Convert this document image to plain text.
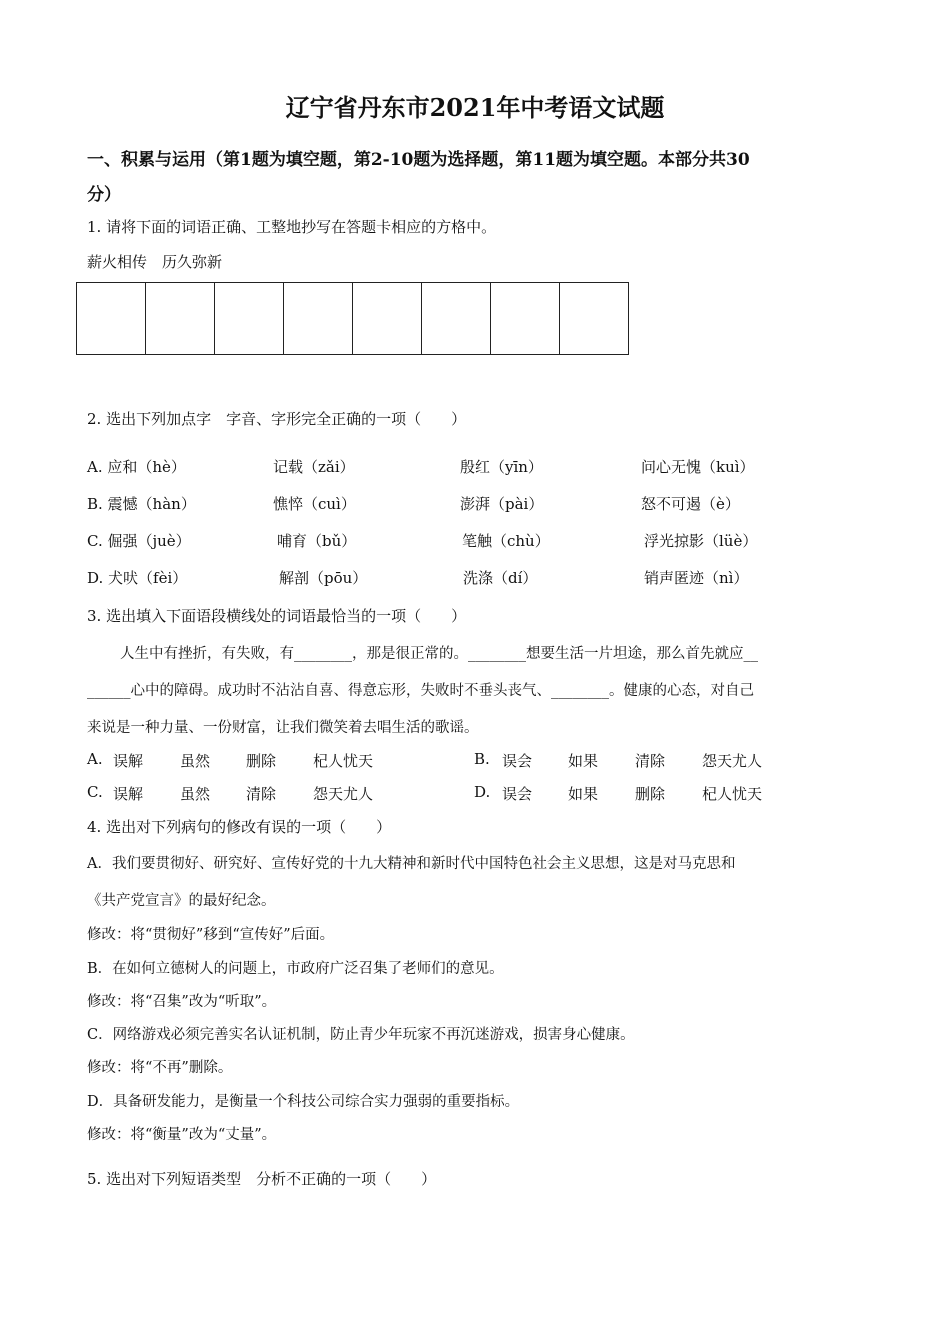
辽宁省丹东市2021年中考语文试题
一、积累与运用（第1题为填空题，第2-10题为选择题，第11题为填空题。本部分共30
分）
1. 请将下面的词语正确、工整地抄写在答题卡相应的方格中。
薪火相传　历久弥新
2. 选出下列加点字　字音、字形完全正确的一项（　　）
A. 应和（hè）	记载（zǎi）	殷红（yīn）	问心无愧（kuì）
B. 震憾（hàn）	憔悴（cuì）	澎湃（pài）	怒不可遏（è）
C. 倔强（juè）	哺育（bǔ）	笔触（chù）	浮光掠影（lüè）
D. 犬吠（fèi）	解剖（pōu）	洗涤（dí）	销声匿迹（nì）
3. 选出填入下面语段横线处的词语最恰当的一项（　　）
人生中有挫折，有失败，有________，那是很正常的。________想要生活一片坦途，那么首先就应__
______心中的障碍。成功时不沾沾自喜、得意忘形，失败时不垂头丧气、________。健康的心态，对自己
来说是一种力量、一份财富，让我们微笑着去唱生活的歌谣。
A. 误解 虽然 删除 杞人忧天	B. 误会 如果 清除 怨天尤人
C. 误解 虽然 清除 怨天尤人	D. 误会 如果 删除 杞人忧天
4. 选出对下列病句的修改有误的一项（　　）
A．我们要贯彻好、研究好、宣传好党的十九大精神和新时代中国特色社会主义思想，这是对马克思和
《共产党宣言》的最好纪念。
修改：将“贯彻好”移到“宣传好”后面。
B．在如何立德树人的问题上，市政府广泛召集了老师们的意见。
修改：将“召集”改为“听取”。
C．网络游戏必须完善实名认证机制，防止青少年玩家不再沉迷游戏，损害身心健康。
修改：将“不再”删除。
D．具备研发能力，是衡量一个科技公司综合实力强弱的重要指标。
修改：将“衡量”改为“丈量”。
5. 选出对下列短语类型　分析不正确的一项（　　）
